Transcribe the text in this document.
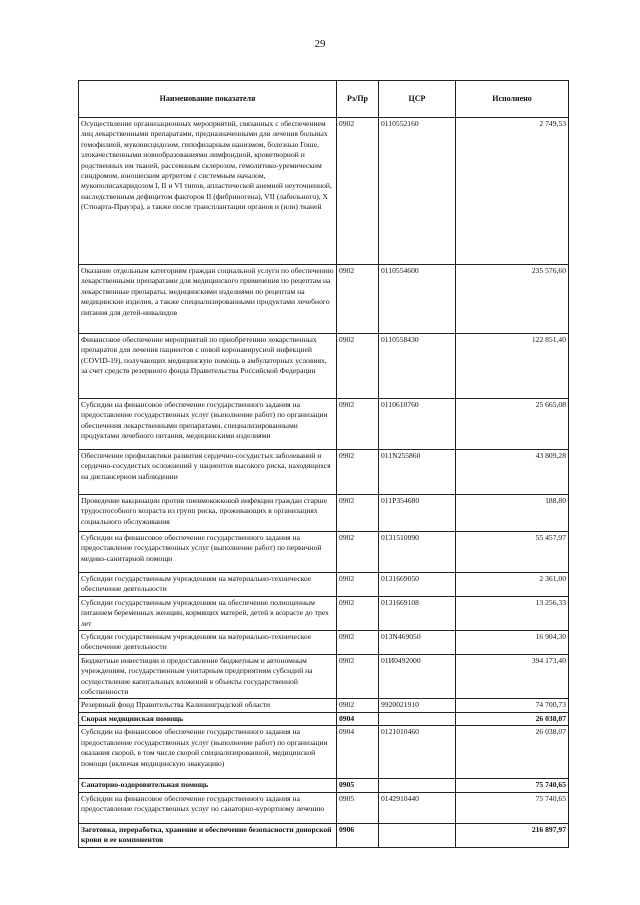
29
Наименование показателя	Рз/Пр	ЦСР	Исполнено
Осуществление организационных мероприятий, связанных с обеспечением лиц лекарственными препаратами, предназначенными для лечения больных гемофилией, муковисцидозом, гипофизарным нанизмом, болезнью Гоше, злокачественными новообразованиями лимфоидной, кроветворной и родственных им тканей, рассеянным склерозом, гемолитико-уремическим синдромом, юношеским артритом с системным началом, мукополисахаридозом I, II и VI типов, апластической анемией неуточненной, наследственным дефицитом факторов II (фибриногена), VII (лабильного), X (Стюарта-Прауэра), а также после трансплантации органов и (или) тканей	0902	0110552160	2 749,53
Оказание отдельным категориям граждан социальной услуги по обеспечению лекарственными препаратами для медицинского применения по рецептам на лекарственные препараты, медицинскими изделиями по рецептам на медицинские изделия, а также специализированными продуктами лечебного питания для детей-инвалидов	0902	0110554600	235 576,60
Финансовое обеспечение мероприятий по приобретению лекарственных препаратов для лечения пациентов с новой коронавирусной инфекцией (COVID-19), получающих медицинскую помощь в амбулаторных условиях, за счет средств резервного фонда Правительства Российской Федерации	0902	0110558430	122 851,40
Субсидии на финансовое обеспечение государственного задания на предоставление государственных услуг (выполнение работ) по организации обеспечения лекарственными препаратами, специализированными продуктами лечебного питания, медицинскими изделиями	0902	0110610760	25 665,08
Обеспечение профилактики развития сердечно-сосудистых заболеваний и сердечно-сосудистых осложнений у пациентов высокого риска, находящихся на диспансерном наблюдении	0902	011N255860	43 809,28
Проведение вакцинации против пневмококковой инфекции граждан старше трудоспособного возраста из групп риска, проживающих в организациях социального обслуживания	0902	011P354680	188,80
Субсидии на финансовое обеспечение государственного задания на предоставление государственных услуг (выполнение работ) по первичной медико-санитарной помощи	0902	0131510090	55 457,97
Субсидии государственным учреждениям на материально-техническое обеспечение деятельности	0902	0131669050	2 361,00
Субсидии государственным учреждениям на обеспечение полноценным питанием беременных женщин, кормящих матерей, детей в возрасте до трех лет	0902	0131669108	13 256,33
Субсидии государственным учреждениям на материально-техническое обеспечение деятельности	0902	013N469050	16 904,30
Бюджетные инвестиции и предоставление бюджетным и автономным учреждениям, государственным унитарным предприятиям субсидий на осуществление капитальных вложений в объекты государственной собственности	0902	01И0492000	394 173,40
Резервный фонд Правительства Калининградской области	0902	9920021910	74 700,73
Скорая медицинская помощь	0904		26 038,07
Субсидии на финансовое обеспечение государственного задания на предоставление государственных услуг (выполнение работ) по организации оказания скорой, в том числе скорой специализированной, медицинской помощи (включая медицинскую эвакуацию)	0904	0121010460	26 038,07
Санаторно-оздоровительная помощь	0905		75 740,65
Субсидии на финансовое обеспечение государственного задания на предоставление государственных услуг по санаторно-курортному лечению	0905	0142910440	75 740,65
Заготовка, переработка, хранение и обеспечение безопасности донорской крови и ее компонентов	0906		216 897,97
